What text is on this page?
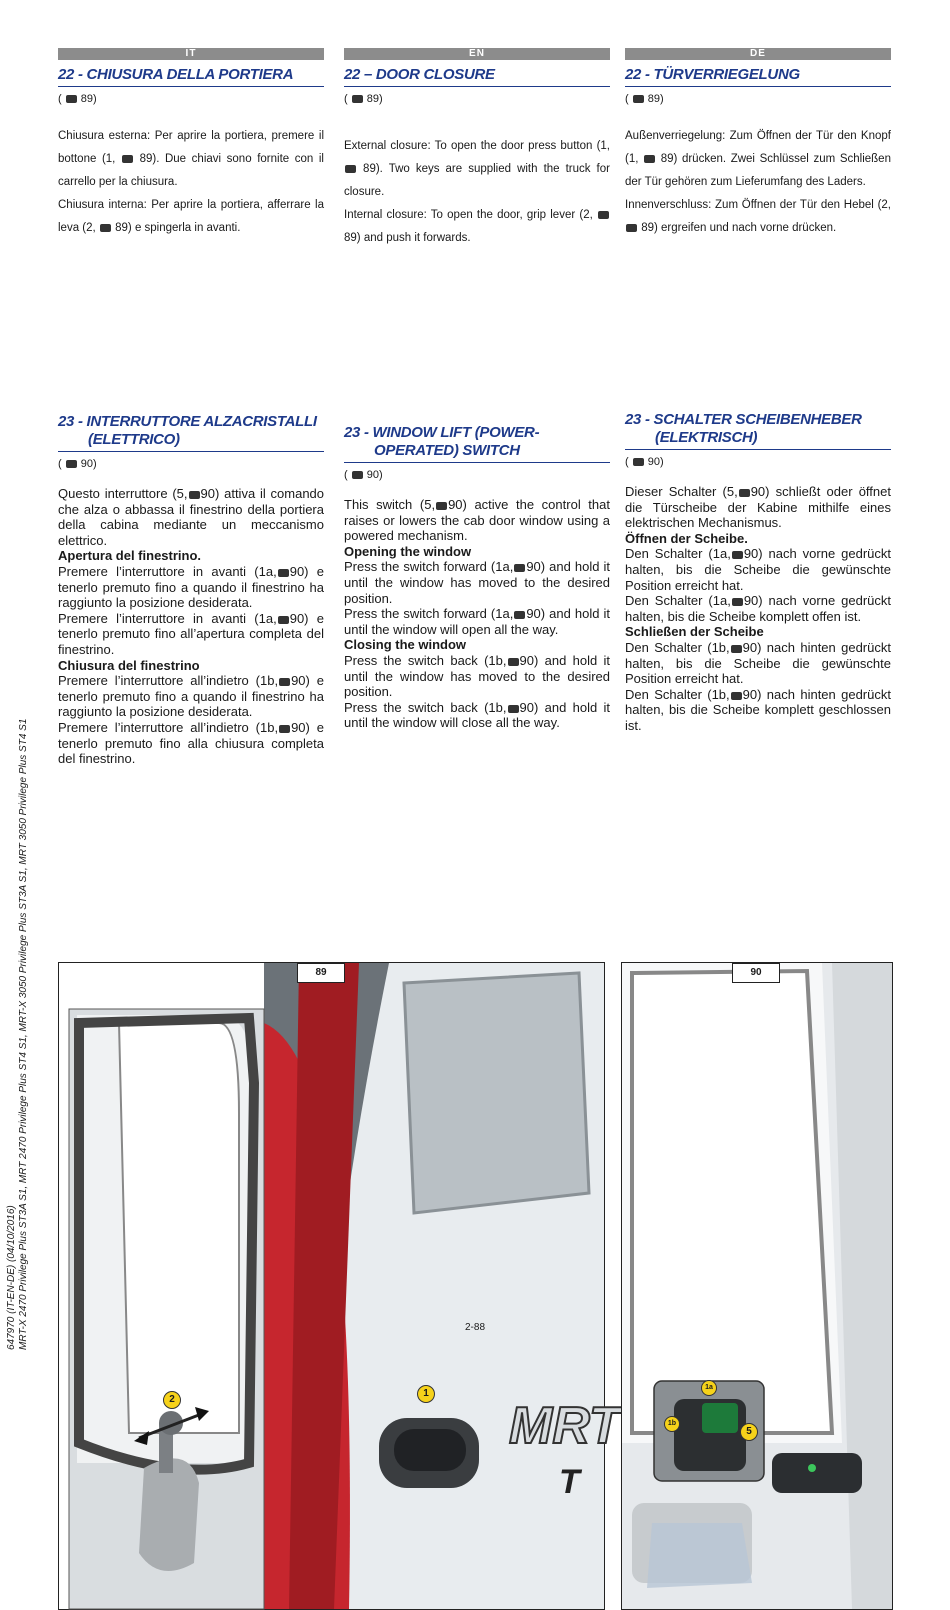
IT
22 - CHIUSURA DELLA PORTIERA

(  89)

Chiusura esterna: Per aprire la portiera, premere il bottone (1, 89). Due chiavi sono fornite con il carrello per la chiusura.

Chiusura interna: Per aprire la portiera, afferrare la leva (2, 89) e spingerla in avanti.

23 - INTERRUTTORE ALZACRISTALLI
(ELETTRICO)

(  90)

Questo interruttore (5, 90) attiva il comando che alza o abbassa il finestrino della portiera della cabina mediante un meccanismo elettrico.

Apertura del finestrino.

Premere l’interruttore in avanti (1a, 90) e tenerlo premuto fino a quando il finestrino ha raggiunto la posizione desiderata.

Premere l’interruttore in avanti (1a, 90) e tenerlo premuto fino all’apertura completa del finestrino.

Chiusura del finestrino

Premere l’interruttore all’indietro (1b, 90) e tenerlo premuto fino a quando il finestrino ha raggiunto la posizione desiderata.

Premere l’interruttore all’indietro (1b, 90) e tenerlo premuto fino alla chiusura completa del finestrino.

EN
22 – DOOR CLOSURE

(  89)

External closure: To open the door press button (1,  89). Two keys are supplied with the truck for closure.

Internal closure: To open the door, grip lever (2,  89) and push it forwards.

23 - WINDOW LIFT (POWER-
OPERATED) SWITCH

(  90)

This switch (5, 90) active the control that raises or lowers the cab door window using a powered mechanism.

Opening the window

Press the switch forward (1a, 90) and hold it until the window has moved to the desired position.

Press the switch forward (1a, 90) and hold it until the window will open all the way.

Closing the window

Press the switch back (1b, 90) and hold it until the window has moved to the desired position.

Press the switch back (1b, 90) and hold it until the window will close all the way.

DE
22 - TÜRVERRIEGELUNG

(  89)

Außenverriegelung: Zum Öffnen der Tür den Knopf (1, 89) drücken. Zwei Schlüssel zum Schließen der Tür gehören zum Lieferumfang des Laders.

Innenverschluss: Zum Öffnen der Tür den Hebel (2,  89) ergreifen und nach vorne drücken.

23 - SCHALTER SCHEIBENHEBER
(ELEKTRISCH)

(  90)

Dieser Schalter (5, 90) schließt oder öffnet die Türscheibe der Kabine mithilfe eines elektrischen Mechanismus.

Öffnen der Scheibe.

Den Schalter (1a, 90) nach vorne gedrückt halten, bis die Scheibe die gewünschte Position erreicht hat.

Den Schalter (1a, 90) nach vorne gedrückt halten, bis die Scheibe komplett offen ist.

Schließen der Scheibe

Den Schalter (1b, 90) nach hinten gedrückt halten, bis die Scheibe die gewünschte Position erreicht hat.

Den Schalter (1b, 90) nach hinten gedrückt halten, bis die Scheibe komplett geschlossen ist.

647970 (IT-EN-DE) (04/10/2016) MRT-X 2470 Privilege Plus ST3A S1, MRT 2470 Privilege Plus ST4 S1, MRT-X 3050 Privilege Plus ST3A S1, MRT 3050 Privilege Plus ST4 S1
MRT
T
89
2
1
90
1a
1b
5
2-88
